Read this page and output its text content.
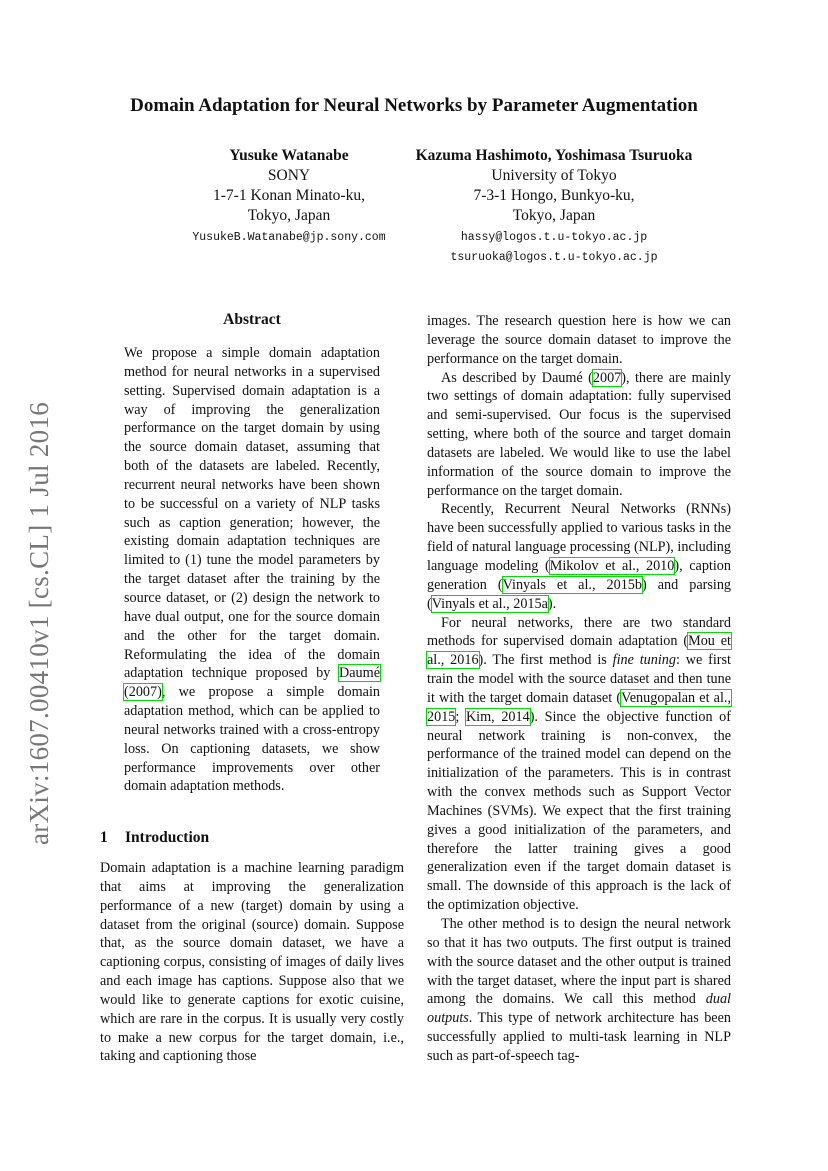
Domain Adaptation for Neural Networks by Parameter Augmentation
Yusuke Watanabe
SONY
1-7-1 Konan Minato-ku,
Tokyo, Japan
YusukeB.Watanabe@jp.sony.com
Kazuma Hashimoto, Yoshimasa Tsuruoka
University of Tokyo
7-3-1 Hongo, Bunkyo-ku,
Tokyo, Japan
hassy@logos.t.u-tokyo.ac.jp
tsuruoka@logos.t.u-tokyo.ac.jp
arXiv:1607.00410v1 [cs.CL] 1 Jul 2016
Abstract

We propose a simple domain adaptation method for neural networks in a supervised setting. Supervised domain adaptation is a way of improving the generalization performance on the target domain by using the source domain dataset, assuming that both of the datasets are labeled. Recently, recurrent neural networks have been shown to be successful on a variety of NLP tasks such as caption generation; however, the existing domain adaptation techniques are limited to (1) tune the model parameters by the target dataset after the training by the source dataset, or (2) design the network to have dual output, one for the source domain and the other for the target domain. Reformulating the idea of the domain adaptation technique proposed by Daumé (2007), we propose a simple domain adaptation method, which can be applied to neural networks trained with a cross-entropy loss. On captioning datasets, we show performance improvements over other domain adaptation methods.

1 Introduction

Domain adaptation is a machine learning paradigm that aims at improving the generalization performance of a new (target) domain by using a dataset from the original (source) domain. Suppose that, as the source domain dataset, we have a captioning corpus, consisting of images of daily lives and each image has captions. Suppose also that we would like to generate captions for exotic cuisine, which are rare in the corpus. It is usually very costly to make a new corpus for the target domain, i.e., taking and captioning those

images. The research question here is how we can leverage the source domain dataset to improve the performance on the target domain.

As described by Daumé (2007), there are mainly two settings of domain adaptation: fully supervised and semi-supervised. Our focus is the supervised setting, where both of the source and target domain datasets are labeled. We would like to use the label information of the source domain to improve the performance on the target domain.

Recently, Recurrent Neural Networks (RNNs) have been successfully applied to various tasks in the field of natural language processing (NLP), including language modeling (Mikolov et al., 2010), caption generation (Vinyals et al., 2015b) and parsing (Vinyals et al., 2015a).

For neural networks, there are two standard methods for supervised domain adaptation (Mou et al., 2016). The first method is fine tuning: we first train the model with the source dataset and then tune it with the target domain dataset (Venugopalan et al., 2015; Kim, 2014). Since the objective function of neural network training is non-convex, the performance of the trained model can depend on the initialization of the parameters. This is in contrast with the convex methods such as Support Vector Machines (SVMs). We expect that the first training gives a good initialization of the parameters, and therefore the latter training gives a good generalization even if the target domain dataset is small. The downside of this approach is the lack of the optimization objective.

The other method is to design the neural network so that it has two outputs. The first output is trained with the source dataset and the other output is trained with the target dataset, where the input part is shared among the domains. We call this method dual outputs. This type of network architecture has been successfully applied to multi-task learning in NLP such as part-of-speech tag-
